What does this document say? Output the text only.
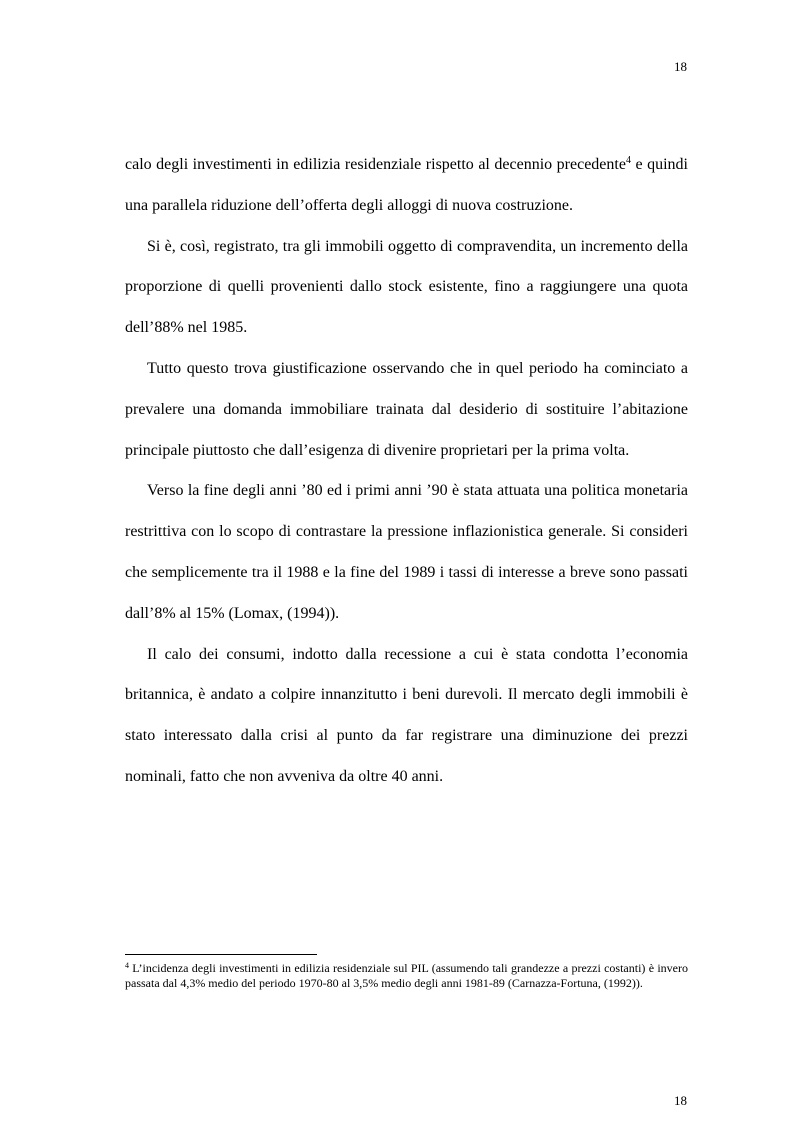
18

calo degli investimenti in edilizia residenziale rispetto al decennio precedente$^4$ e quindi una parallela riduzione dell’offerta degli alloggi di nuova costruzione.

Si è, così, registrato, tra gli immobili oggetto di compravendita, un incremento della proporzione di quelli provenienti dallo stock esistente, fino a raggiungere una quota dell’88% nel 1985.

Tutto questo trova giustificazione osservando che in quel periodo ha cominciato a prevalere una domanda immobiliare trainata dal desiderio di sostituire l’abitazione principale piuttosto che dall’esigenza di divenire proprietari per la prima volta.

Verso la fine degli anni ’80 ed i primi anni ’90 è stata attuata una politica monetaria restrittiva con lo scopo di contrastare la pressione inflazionistica generale. Si consideri che semplicemente tra il 1988 e la fine del 1989 i tassi di interesse a breve sono passati dall’8% al 15% (Lomax, (1994)).

Il calo dei consumi, indotto dalla recessione a cui è stata condotta l’economia britannica, è andato a colpire innanzitutto i beni durevoli. Il mercato degli immobili è stato interessato dalla crisi al punto da far registrare una diminuzione dei prezzi nominali, fatto che non avveniva da oltre 40 anni.

$^4$ L’incidenza degli investimenti in edilizia residenziale sul PIL (assumendo tali grandezze a prezzi costanti) è invero passata dal 4,3% medio del periodo 1970-80 al 3,5% medio degli anni 1981-89 (Carnazza-Fortuna, (1992)).

18
